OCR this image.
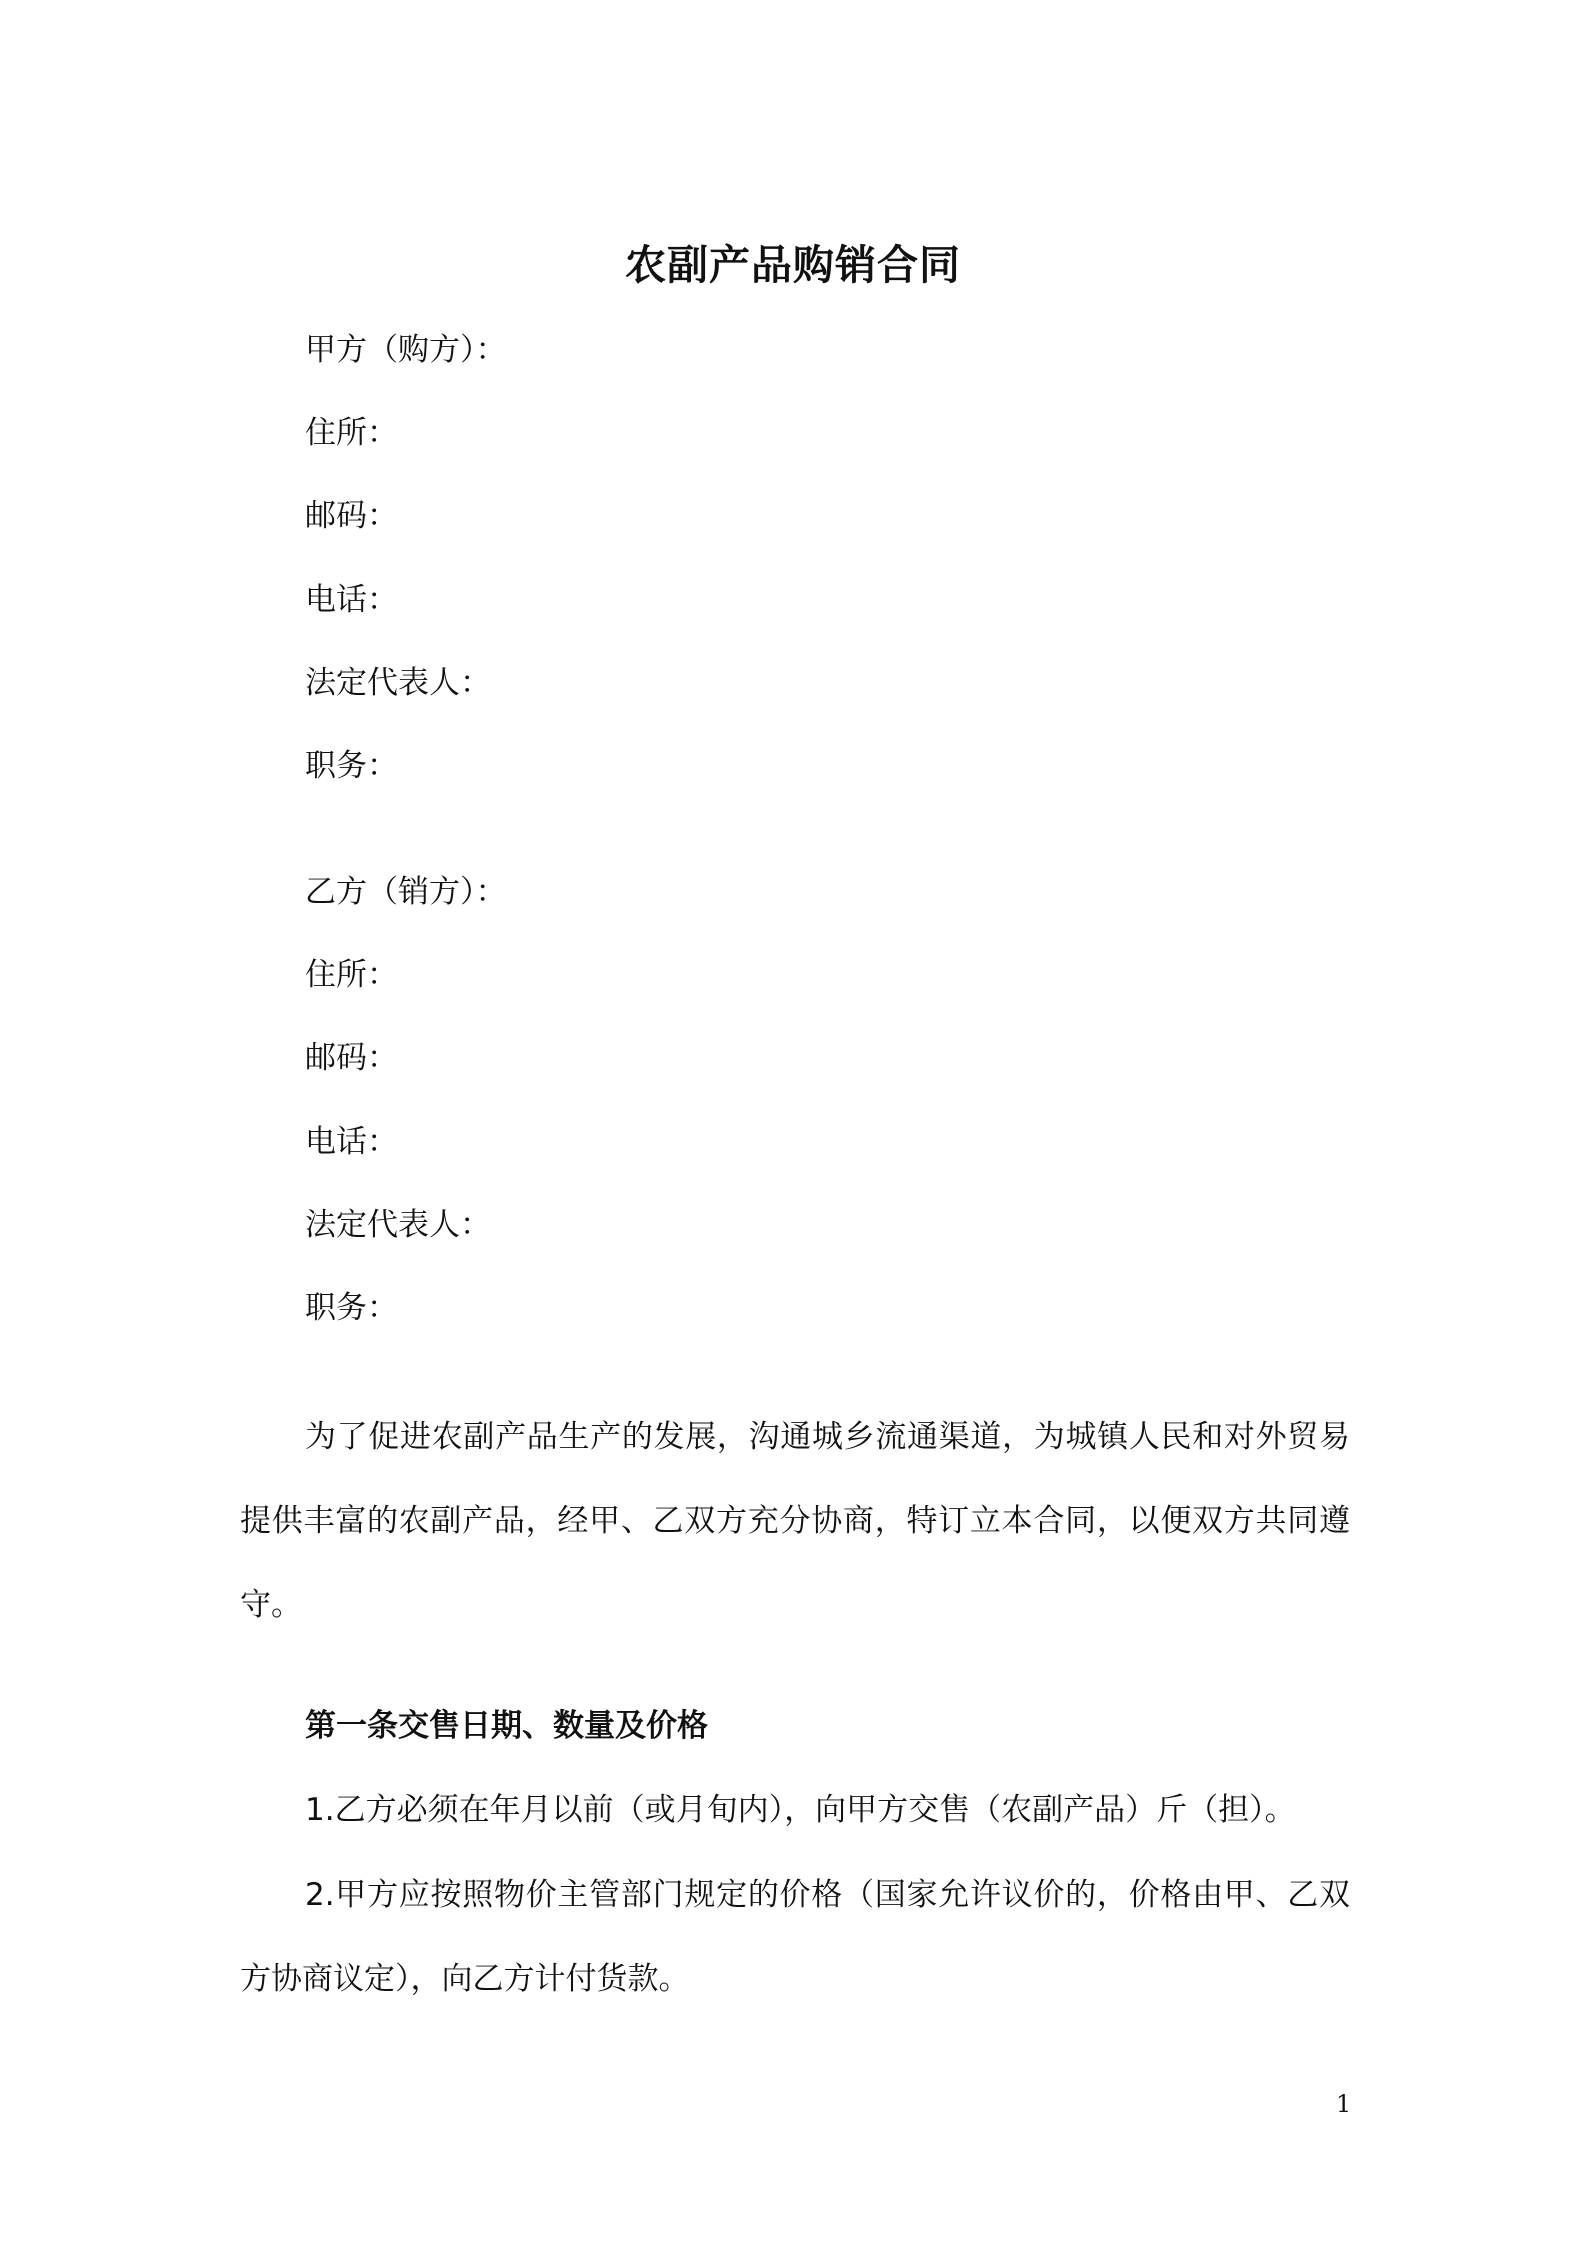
农副产品购销合同
甲方（购方）：
住所：
邮码：
电话：
法定代表人：
职务：
乙方（销方）：
住所：
邮码：
电话：
法定代表人：
职务：
为了促进农副产品生产的发展，沟通城乡流通渠道，为城镇人民和对外贸易提供丰富的农副产品，经甲、乙双方充分协商，特订立本合同，以便双方共同遵守。
第一条交售日期、数量及价格
1.乙方必须在年月以前（或月旬内），向甲方交售（农副产品）斤（担）。
2.甲方应按照物价主管部门规定的价格（国家允许议价的，价格由甲、乙双方协商议定），向乙方计付货款。
1
